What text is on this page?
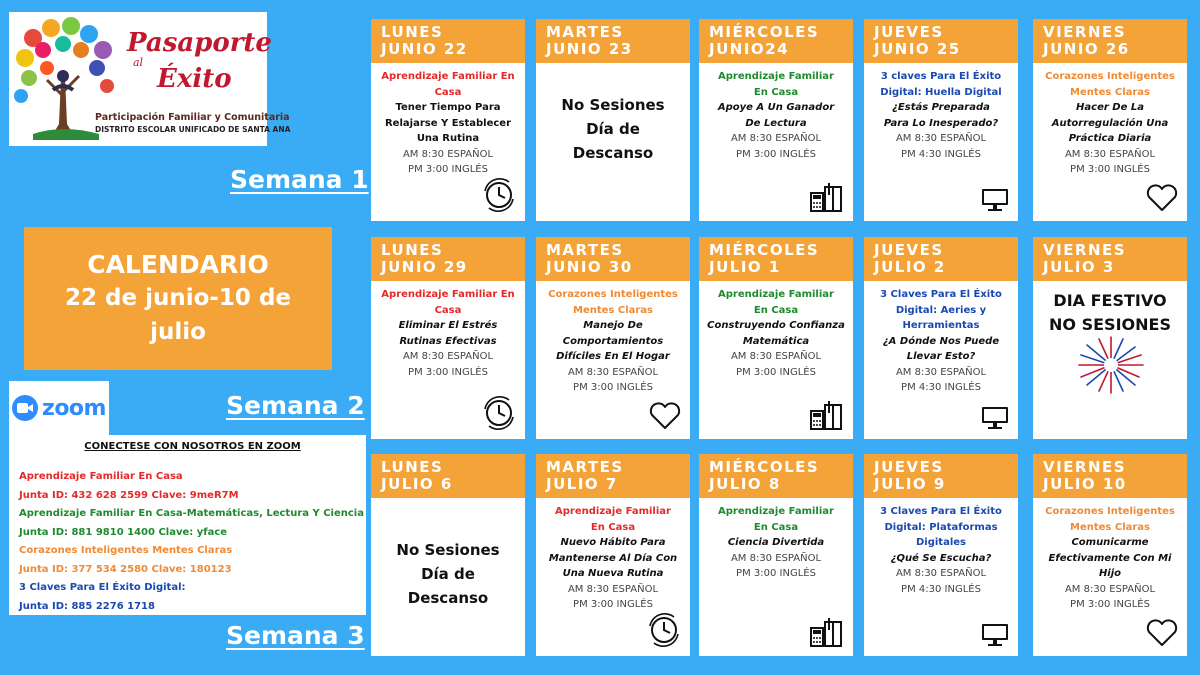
Pasaporte
al
Éxito
Participación Familiar y Comunitaria
DISTRITO ESCOLAR UNIFICADO DE SANTA ANA
Semana 1
Semana 2
Semana 3
CALENDARIO
22 de junio-10 de julio
zoom
CONECTESE CON NOSOTROS EN ZOOM
Aprendizaje Familiar En Casa
Junta ID: 432 628 2599 Clave: 9meR7M
Aprendizaje Familiar En Casa-Matemáticas, Lectura Y Ciencia
Junta ID: 881 9810 1400 Clave: yface
Corazones Inteligentes Mentes Claras
Junta ID: 377 534 2580 Clave: 180123
3 Claves Para El Éxito Digital:
Junta ID: 885 2276 1718
LUNES
JUNIO 22
Aprendizaje Familiar En Casa
Tener Tiempo Para Relajarse Y Establecer Una Rutina
AM 8:30 ESPAÑOL
PM 3:00 INGLÉS
MARTES
JUNIO 23
No Sesiones
Día de Descanso
MIÉRCOLES
JUNIO24
Aprendizaje Familiar En Casa
Apoye A Un Ganador De Lectura
AM 8:30 ESPAÑOL
PM 3:00 INGLÉS
JUEVES
JUNIO 25
3 claves Para El Éxito Digital: Huella Digital
¿Estás Preparada Para Lo Inesperado?
AM 8:30 ESPAÑOL
PM 4:30 INGLÉS
VIERNES
JUNIO 26
Corazones Inteligentes Mentes Claras
Hacer De La Autorregulación Una Práctica Diaria
AM 8:30 ESPAÑOL
PM 3:00 INGLÉS
LUNES
JUNIO 29
Aprendizaje Familiar En Casa
Eliminar El Estrés Rutinas Efectivas
AM 8:30 ESPAÑOL
PM 3:00 INGLÉS
MARTES
JUNIO 30
Corazones Inteligentes Mentes Claras
Manejo De Comportamientos Difíciles En El Hogar
AM 8:30 ESPAÑOL
PM 3:00 INGLÉS
MIÉRCOLES
JULIO 1
Aprendizaje Familiar En Casa
Construyendo Confianza Matemática
AM 8:30 ESPAÑOL
PM 3:00 INGLÉS
JUEVES
JULIO 2
3 Claves Para El Éxito Digital: Aeries y Herramientas
¿A Dónde Nos Puede Llevar Esto?
AM 8:30 ESPAÑOL
PM 4:30 INGLÉS
VIERNES
JULIO 3
DIA FESTIVO
NO SESIONES
LUNES
JULIO 6
No Sesiones
Día de Descanso
MARTES
JULIO 7
Aprendizaje Familiar En Casa
Nuevo Hábito Para Mantenerse Al Día Con Una Nueva Rutina
AM 8:30 ESPAÑOL
PM 3:00 INGLÉS
MIÉRCOLES
JULIO 8
Aprendizaje Familiar En Casa
Ciencia Divertida
AM 8:30 ESPAÑOL
PM 3:00 INGLÉS
JUEVES
JULIO 9
3 Claves Para El Éxito Digital: Plataformas Digitales
¿Qué Se Escucha?
AM 8:30 ESPAÑOL
PM 4:30 INGLÉS
VIERNES
JULIO 10
Corazones Inteligentes Mentes Claras
Comunicarme Efectivamente Con Mi Hijo
AM 8:30 ESPAÑOL
PM 3:00 INGLÉS
